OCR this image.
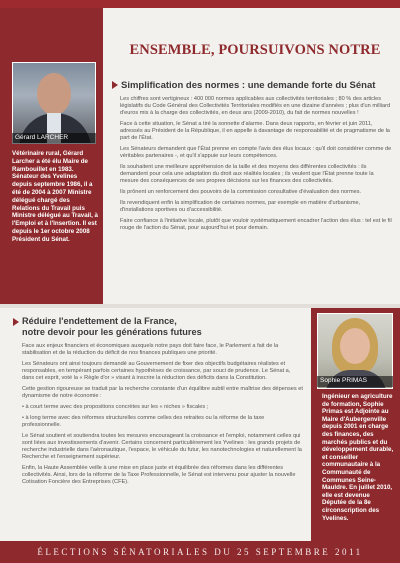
ENSEMBLE, POURSUIVONS NOTRE
Gérard LARCHER
Vétérinaire rural, Gérard Larcher a été élu Maire de Rambouillet en 1983. Sénateur des Yvelines depuis septembre 1986, il a été de 2004 à 2007 Ministre délégué chargé des Relations du Travail puis Ministre délégué au Travail, à l'Emploi et à l'Insertion. Il est depuis le 1er octobre 2008 Président du Sénat.
Simplification des normes : une demande forte du Sénat

Les chiffres sont vertigineux : 400 000 normes applicables aux collectivités territoriales ; 80 % des articles législatifs du Code Général des Collectivités Territoriales modifiés en une dizaine d'années ; plus d'un milliard d'euros mis à la charge des collectivités, en deux ans (2009-2010), du fait de normes nouvelles !

Face à cette situation, le Sénat a tiré la sonnette d'alarme. Dans deux rapports, en février et juin 2011, adressés au Président de la République, il en appelle à davantage de responsabilité et de pragmatisme de la part de l'État.

Les Sénateurs demandent que l'État prenne en compte l'avis des élus locaux : qu'il doit considérer comme de véritables partenaires -, et qu'il s'appuie sur leurs compétences.

Ils souhaitent une meilleure appréhension de la taille et des moyens des différentes collectivités : ils demandent pour cela une adaptation du droit aux réalités locales ; ils veulent que l'État prenne toute la mesure des conséquences de ses propres décisions sur les finances des collectivités.

Ils prônent un renforcement des pouvoirs de la commission consultative d'évaluation des normes.

Ils revendiquent enfin la simplification de certaines normes, par exemple en matière d'urbanisme, d'installations sportives ou d'accessibilité.

Faire confiance à l'initiative locale, plutôt que vouloir systématiquement encadrer l'action des élus : tel est le fil rouge de l'action du Sénat, pour aujourd'hui et pour demain.

Réduire l'endettement de la France,
notre devoir pour les générations futures

Face aux enjeux financiers et économiques auxquels notre pays doit faire face, le Parlement a fait de la stabilisation et de la réduction du déficit de nos finances publiques une priorité.

Les Sénateurs ont ainsi toujours demandé au Gouvernement de fixer des objectifs budgétaires réalistes et responsables, en tempérant parfois certaines hypothèses de croissance, par souci de prudence. Le Sénat a, dans cet esprit, voté la « Règle d'or » visant à inscrire la réduction des déficits dans la Constitution.

Cette gestion rigoureuse se traduit par la recherche constante d'un équilibre subtil entre maîtrise des dépenses et dynamisme de notre économie :

• à court terme avec des propositions concrètes sur les « niches » fiscales ;

• à long terme avec des réformes structurelles comme celles des retraites ou la réforme de la taxe professionnelle.

Le Sénat soutient et soutiendra toutes les mesures encourageant la croissance et l'emploi, notamment celles qui sont liées aux investissements d'avenir. Certains concernent particulièrement les Yvelines : les grands projets de recherche industrielle dans l'aéronautique, l'espace, le véhicule du futur, les nanotechnologies et naturellement la Recherche et l'enseignement supérieur.

Enfin, la Haute Assemblée veille à une mise en place juste et équilibrée des réformes dans les différentes collectivités. Ainsi, lors de la réforme de la Taxe Professionnelle, le Sénat est intervenu pour ajuster la nouvelle Cotisation Foncière des Entreprises (CFE).

Sophie PRIMAS
Ingénieur en agriculture de formation, Sophie Primas est Adjointe au Maire d'Aubergenville depuis 2001 en charge des finances, des marchés publics et du développement durable, et conseiller communautaire à la Communauté de Communes Seine-Mauldre. En juillet 2010, elle est devenue Députée de la 8e circonscription des Yvelines.
ÉLECTIONS SÉNATORIALES DU 25 SEPTEMBRE 2011
